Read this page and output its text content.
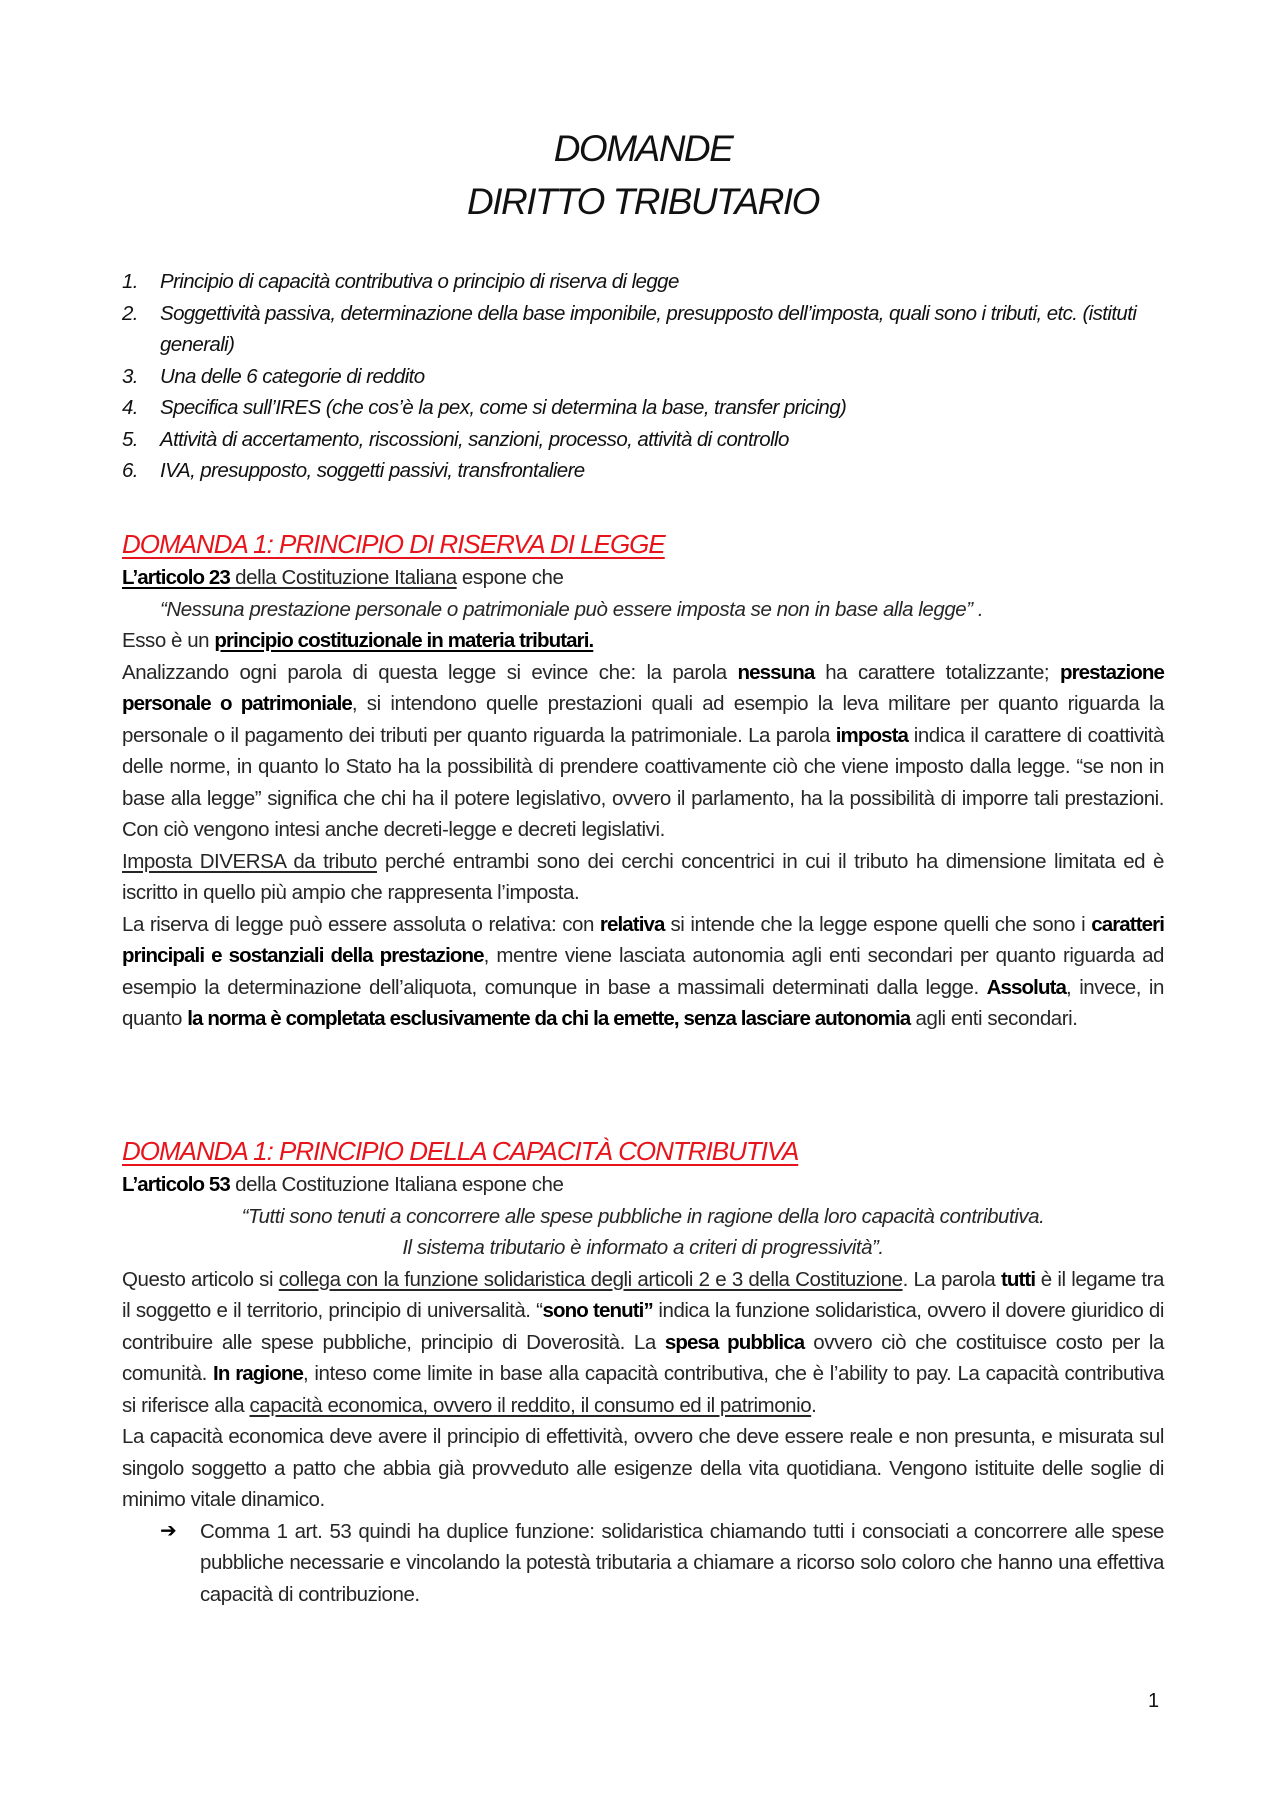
DOMANDE
DIRITTO TRIBUTARIO
1.	Principio di capacità contributiva o principio di riserva di legge
2.	Soggettività passiva, determinazione della base imponibile, presupposto dell’imposta, quali sono i tributi, etc. (istituti generali)
3.	Una delle 6 categorie di reddito
4.	Specifica sull’IRES (che cos’è la pex, come si determina la base, transfer pricing)
5.	Attività di accertamento, riscossioni, sanzioni, processo, attività di controllo
6.	IVA, presupposto, soggetti passivi, transfrontaliere
DOMANDA 1: PRINCIPIO DI RISERVA DI LEGGE

L’articolo 23 della Costituzione Italiana espone che

“Nessuna prestazione personale o patrimoniale può essere imposta se non in base alla legge” .

Esso è un principio costituzionale in materia tributari.

Analizzando ogni parola di questa legge si evince che: la parola nessuna ha carattere totalizzante; prestazione personale o patrimoniale, si intendono quelle prestazioni quali ad esempio la leva militare per quanto riguarda la personale o il pagamento dei tributi per quanto riguarda la patrimoniale. La parola imposta indica il carattere di coattività delle norme, in quanto lo Stato ha la possibilità di prendere coattivamente ciò che viene imposto dalla legge. “se non in base alla legge” significa che chi ha il potere legislativo, ovvero il parlamento, ha la possibilità di imporre tali prestazioni. Con ciò vengono intesi anche decreti-legge e decreti legislativi.

Imposta DIVERSA da tributo perché entrambi sono dei cerchi concentrici in cui il tributo ha dimensione limitata ed è iscritto in quello più ampio che rappresenta l’imposta.

La riserva di legge può essere assoluta o relativa: con relativa si intende che la legge espone quelli che sono i caratteri principali e sostanziali della prestazione, mentre viene lasciata autonomia agli enti secondari per quanto riguarda ad esempio la determinazione dell’aliquota, comunque in base a massimali determinati dalla legge. Assoluta, invece, in quanto la norma è completata esclusivamente da chi la emette, senza lasciare autonomia agli enti secondari.

DOMANDA 1: PRINCIPIO DELLA CAPACITÀ CONTRIBUTIVA

L’articolo 53 della Costituzione Italiana espone che

“Tutti sono tenuti a concorrere alle spese pubbliche in ragione della loro capacità contributiva.

Il sistema tributario è informato a criteri di progressività”.

Questo articolo si collega con la funzione solidaristica degli articoli 2 e 3 della Costituzione. La parola tutti è il legame tra il soggetto e il territorio, principio di universalità. “sono tenuti” indica la funzione solidaristica, ovvero il dovere giuridico di contribuire alle spese pubbliche, principio di Doverosità. La spesa pubblica ovvero ciò che costituisce costo per la comunità. In ragione, inteso come limite in base alla capacità contributiva, che è l’ability to pay. La capacità contributiva si riferisce alla capacità economica, ovvero il reddito, il consumo ed il patrimonio.

La capacità economica deve avere il principio di effettività, ovvero che deve essere reale e non presunta, e misurata sul singolo soggetto a patto che abbia già provveduto alle esigenze della vita quotidiana. Vengono istituite delle soglie di minimo vitale dinamico.

➔	Comma 1 art. 53 quindi ha duplice funzione: solidaristica chiamando tutti i consociati a concorrere alle spese pubbliche necessarie e vincolando la potestà tributaria a chiamare a ricorso solo coloro che hanno una effettiva capacità di contribuzione.

1
